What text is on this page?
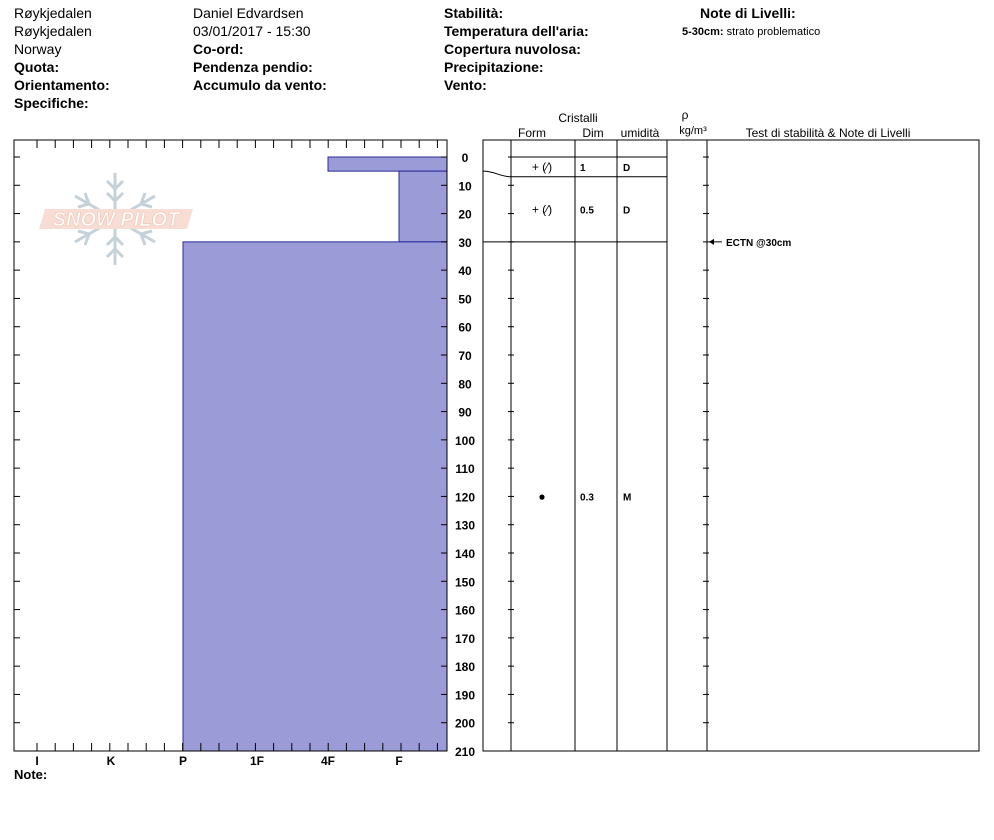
Røykjedalen
Røykjedalen
Norway
Quota:
Orientamento:
Specifiche:
Daniel Edvardsen
03/01/2017 - 15:30
Co-ord:
Pendenza pendio:
Accumulo da vento:
Stabilità:
Temperatura dell'aria:
Copertura nuvolosa:
Precipitazione:
Vento:
Note di Livelli:
5-30cm: strato problematico
SNOW PILOT
I	K	P	1F	4F	F
0
10
20
30
40
50
60
70
80
90
100
110
120
130
140
150
160
170
180
190
200
210
+ (⁄)	1	D
+ (⁄)	0.5	D
●	0.3	M
ECTN @30cm
Cristalli
Form	Dim umidità
ρ
kg/m³	Test di stabilità & Note di Livelli
Note:
